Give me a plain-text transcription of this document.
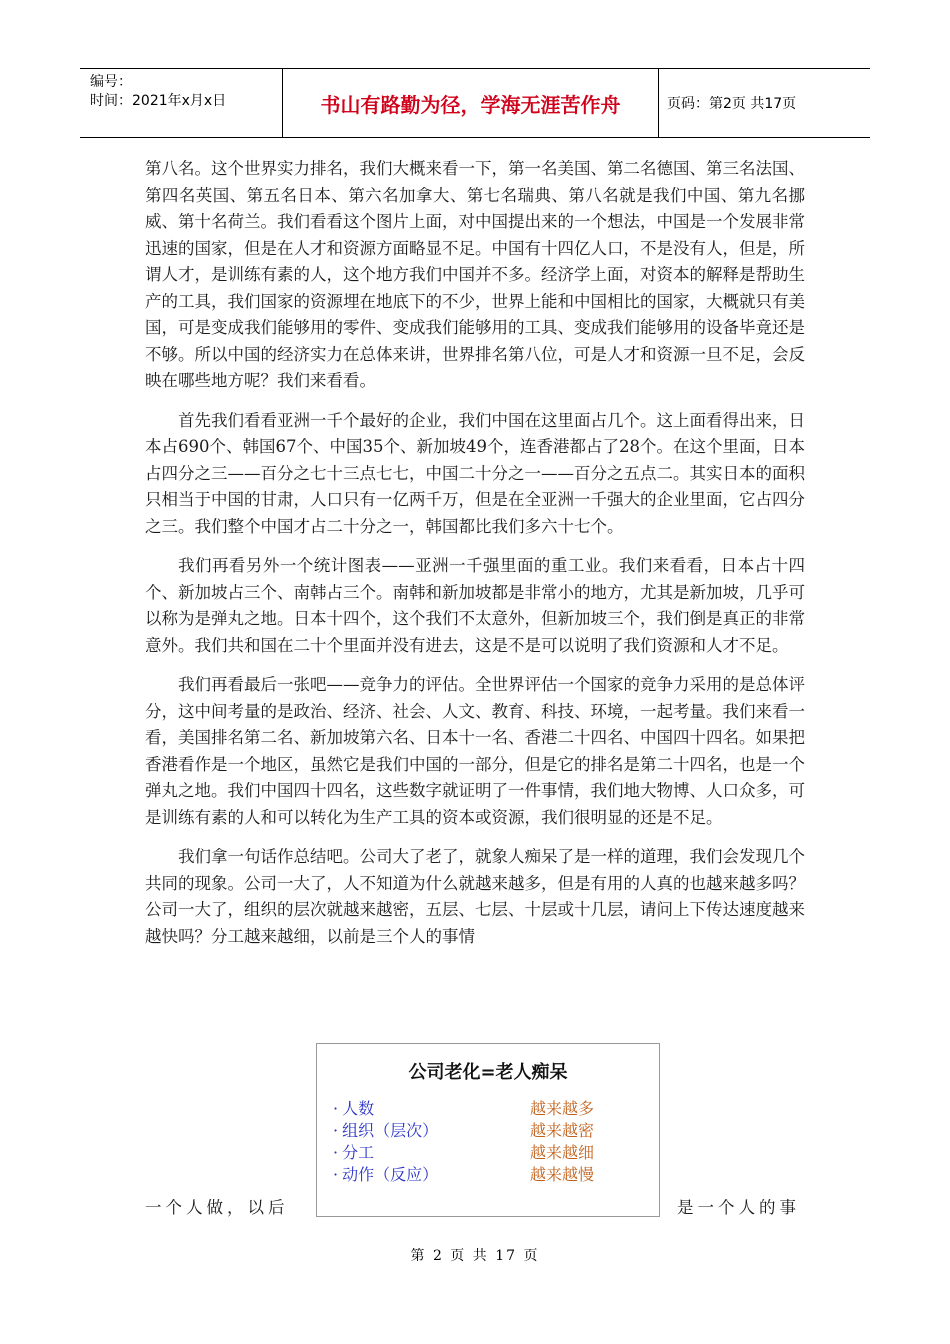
编号：
时间：2021年x月x日	书山有路勤为径，学海无涯苦作舟	页码：第2页 共17页

第八名。这个世界实力排名，我们大概来看一下，第一名美国、第二名德国、第三名法国、第四名英国、第五名日本、第六名加拿大、第七名瑞典、第八名就是我们中国、第九名挪威、第十名荷兰。我们看看这个图片上面，对中国提出来的一个想法，中国是一个发展非常迅速的国家，但是在人才和资源方面略显不足。中国有十四亿人口，不是没有人，但是，所谓人才，是训练有素的人，这个地方我们中国并不多。经济学上面，对资本的解释是帮助生产的工具，我们国家的资源埋在地底下的不少，世界上能和中国相比的国家，大概就只有美国，可是变成我们能够用的零件、变成我们能够用的工具、变成我们能够用的设备毕竟还是不够。所以中国的经济实力在总体来讲，世界排名第八位，可是人才和资源一旦不足，会反映在哪些地方呢？我们来看看。

首先我们看看亚洲一千个最好的企业，我们中国在这里面占几个。这上面看得出来，日本占690个、韩国67个、中国35个、新加坡49个，连香港都占了28个。在这个里面，日本占四分之三——百分之七十三点七七，中国二十分之一——百分之五点二。其实日本的面积只相当于中国的甘肃，人口只有一亿两千万，但是在全亚洲一千强大的企业里面，它占四分之三。我们整个中国才占二十分之一，韩国都比我们多六十七个。

我们再看另外一个统计图表——亚洲一千强里面的重工业。我们来看看，日本占十四个、新加坡占三个、南韩占三个。南韩和新加坡都是非常小的地方，尤其是新加坡，几乎可以称为是弹丸之地。日本十四个，这个我们不太意外，但新加坡三个，我们倒是真正的非常意外。我们共和国在二十个里面并没有进去，这是不是可以说明了我们资源和人才不足。

我们再看最后一张吧——竞争力的评估。全世界评估一个国家的竞争力采用的是总体评分，这中间考量的是政治、经济、社会、人文、教育、科技、环境，一起考量。我们来看一看，美国排名第二名、新加坡第六名、日本十一名、香港二十四名、中国四十四名。如果把香港看作是一个地区，虽然它是我们中国的一部分，但是它的排名是第二十四名，也是一个弹丸之地。我们中国四十四名，这些数字就证明了一件事情，我们地大物博、人口众多，可是训练有素的人和可以转化为生产工具的资本或资源，我们很明显的还是不足。

我们拿一句话作总结吧。公司大了老了，就象人痴呆了是一样的道理，我们会发现几个共同的现象。公司一大了，人不知道为什么就越来越多，但是有用的人真的也越来越多吗？公司一大了，组织的层次就越来越密，五层、七层、十层或十几层，请问上下传达速度越来越快吗？分工越来越细，以前是三个人的事情

公司老化=老人痴呆
· 人数	越来越多
· 组织（层次）	越来越密
· 分工	越来越细
· 动作（反应）	越来越慢
一个人做，以后	是一个人的事
第 2 页 共 17 页
